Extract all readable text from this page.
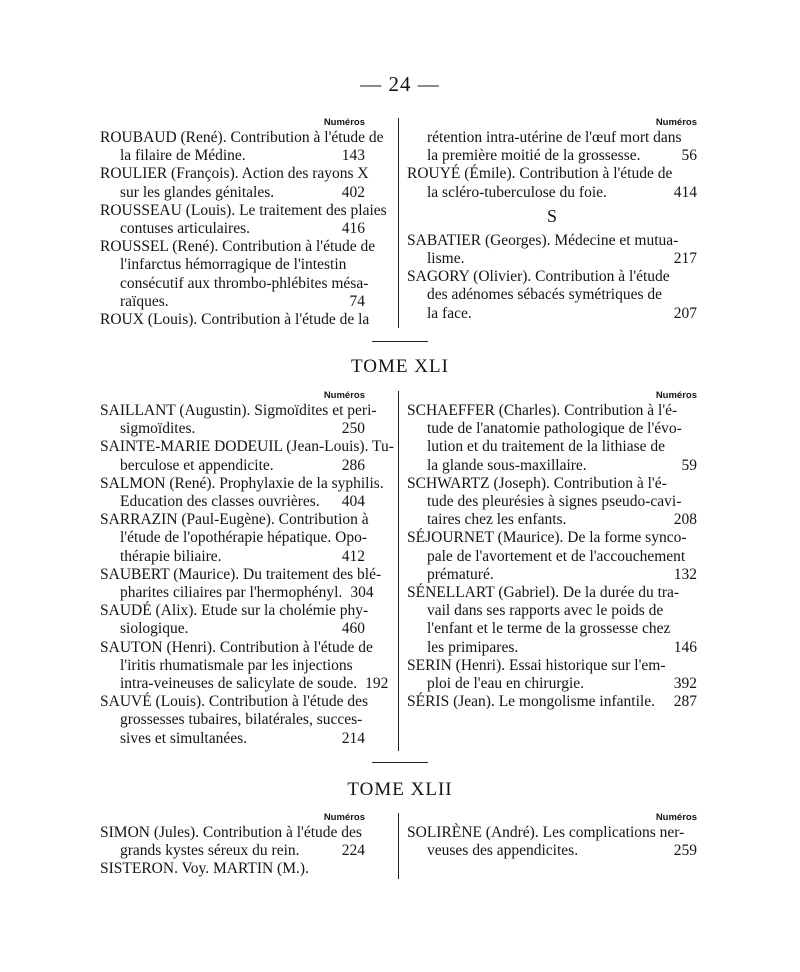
— 24 —
Numéros
ROUBAUD (René). Contribution à l'étude de
la filaire de Médine.	143
ROULIER (François). Action des rayons X
sur les glandes génitales.	402
ROUSSEAU (Louis). Le traitement des plaies
contuses articulaires.	416
ROUSSEL (René). Contribution à l'étude de
l'infarctus hémorragique de l'intestin
consécutif aux thrombo-phlébites mésa-
raïques.	74
ROUX (Louis). Contribution à l'étude de la
Numéros
rétention intra-utérine de l'œuf mort dans
la première moitié de la grossesse.	56
ROUYÉ (Émile). Contribution à l'étude de
la scléro-tuberculose du foie.	414
S
SABATIER (Georges). Médecine et mutua-
lisme.	217
SAGORY (Olivier). Contribution à l'étude
des adénomes sébacés symétriques de
la face.	207
TOME XLI
Numéros
SAILLANT (Augustin). Sigmoïdites et peri-
sigmoïdites.	250
SAINTE-MARIE DODEUIL (Jean-Louis). Tu-
berculose et appendicite.	286
SALMON (René). Prophylaxie de la syphilis.
Education des classes ouvrières.	404
SARRAZIN (Paul-Eugène). Contribution à
l'étude de l'opothérapie hépatique. Opo-
thérapie biliaire.	412
SAUBERT (Maurice). Du traitement des blé-
pharites ciliaires par l'hermophényl. 304
SAUDÉ (Alix). Etude sur la cholémie phy-
siologique.	460
SAUTON (Henri). Contribution à l'étude de
l'iritis rhumatismale par les injections
intra-veineuses de salicylate de soude. 192
SAUVÉ (Louis). Contribution à l'étude des
grossesses tubaires, bilatérales, succes-
sives et simultanées.	214
Numéros
SCHAEFFER (Charles). Contribution à l'é-
tude de l'anatomie pathologique de l'évo-
lution et du traitement de la lithiase de
la glande sous-maxillaire.	59
SCHWARTZ (Joseph). Contribution à l'é-
tude des pleurésies à signes pseudo-cavi-
taires chez les enfants.	208
SÉJOURNET (Maurice). De la forme synco-
pale de l'avortement et de l'accouchement
prématuré.	132
SÉNELLART (Gabriel). De la durée du tra-
vail dans ses rapports avec le poids de
l'enfant et le terme de la grossesse chez
les primipares.	146
SERIN (Henri). Essai historique sur l'em-
ploi de l'eau en chirurgie.	392
SÉRIS (Jean). Le mongolisme infantile.	287
TOME XLII
Numéros
SIMON (Jules). Contribution à l'étude des
grands kystes séreux du rein.	224
SISTERON. Voy. MARTIN (M.).
Numéros
SOLIRÈNE (André). Les complications ner-
veuses des appendicites.	259
